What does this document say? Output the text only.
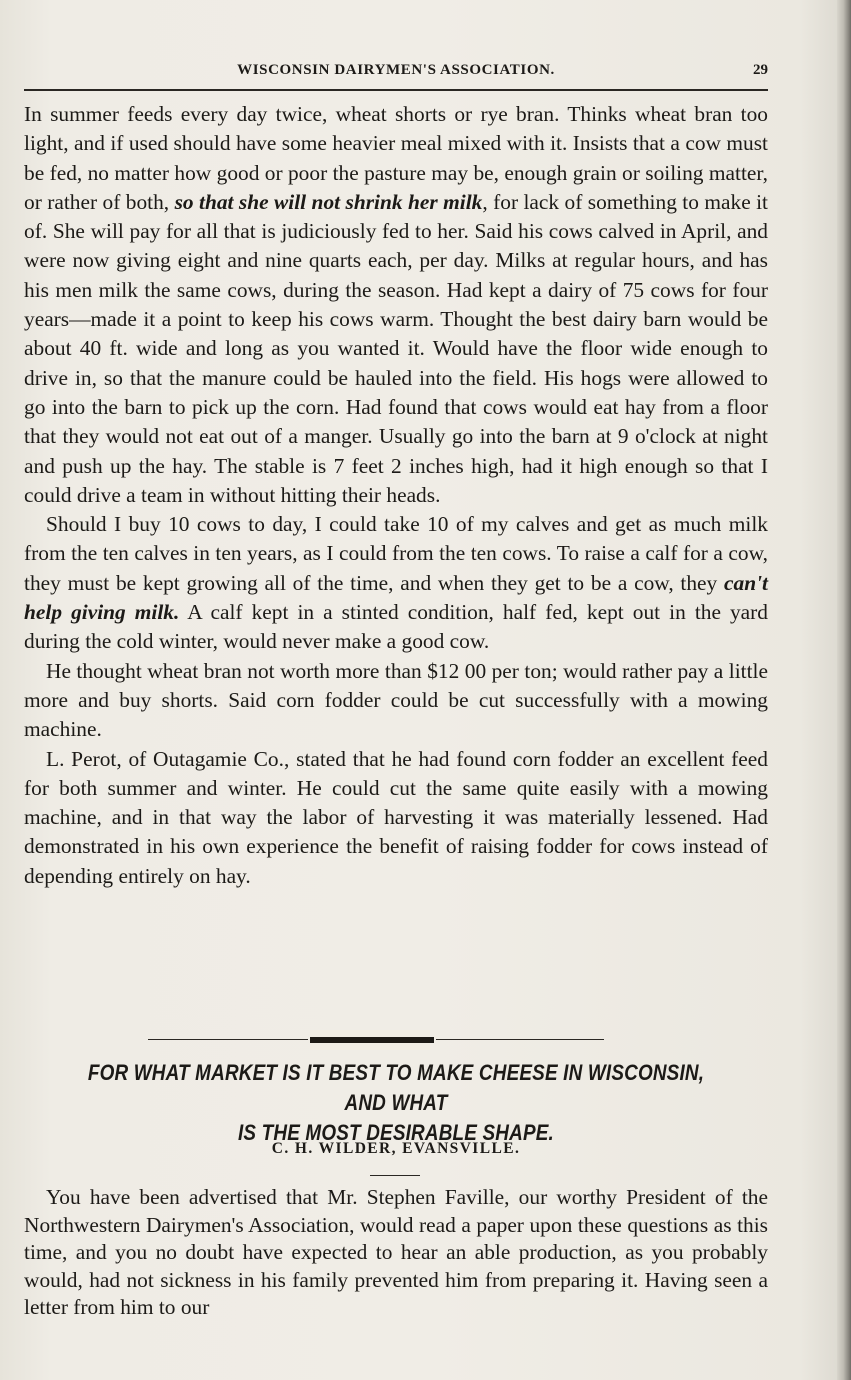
WISCONSIN DAIRYMEN'S ASSOCIATION.	29

In summer feeds every day twice, wheat shorts or rye bran. Thinks wheat bran too light, and if used should have some heavier meal mixed with it. Insists that a cow must be fed, no matter how good or poor the pasture may be, enough grain or soiling matter, or rather of both, so that she will not shrink her milk, for lack of something to make it of. She will pay for all that is judiciously fed to her. Said his cows calved in April, and were now giving eight and nine quarts each, per day. Milks at regular hours, and has his men milk the same cows, during the season. Had kept a dairy of 75 cows for four years—made it a point to keep his cows warm. Thought the best dairy barn would be about 40 ft. wide and long as you wanted it. Would have the floor wide enough to drive in, so that the manure could be hauled into the field. His hogs were allowed to go into the barn to pick up the corn. Had found that cows would eat hay from a floor that they would not eat out of a manger. Usually go into the barn at 9 o'clock at night and push up the hay. The stable is 7 feet 2 inches high, had it high enough so that I could drive a team in without hitting their heads.

Should I buy 10 cows to day, I could take 10 of my calves and get as much milk from the ten calves in ten years, as I could from the ten cows. To raise a calf for a cow, they must be kept growing all of the time, and when they get to be a cow, they can't help giving milk. A calf kept in a stinted condition, half fed, kept out in the yard during the cold winter, would never make a good cow.

He thought wheat bran not worth more than $12 00 per ton; would rather pay a little more and buy shorts. Said corn fodder could be cut successfully with a mowing machine.

L. Perot, of Outagamie Co., stated that he had found corn fodder an excellent feed for both summer and winter. He could cut the same quite easily with a mowing machine, and in that way the labor of harvesting it was materially lessened. Had demonstrated in his own experience the benefit of raising fodder for cows instead of depending entirely on hay.

FOR WHAT MARKET IS IT BEST TO MAKE CHEESE IN WISCONSIN, AND WHAT
IS THE MOST DESIRABLE SHAPE.
C. H. WILDER, EVANSVILLE.

You have been advertised that Mr. Stephen Faville, our worthy President of the Northwestern Dairymen's Association, would read a paper upon these questions as this time, and you no doubt have expected to hear an able production, as you probably would, had not sickness in his family prevented him from preparing it. Having seen a letter from him to our
